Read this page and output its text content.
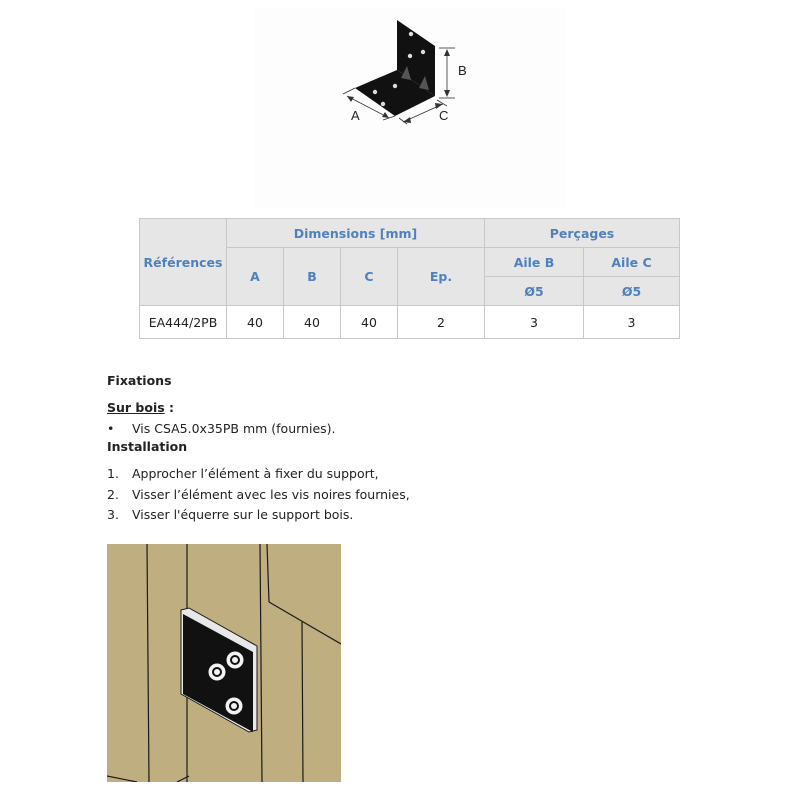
B
A	C
Références	Dimensions [mm]				Perçages	
	A	B	C	Ep.	Aile B	Aile C
					Ø5	Ø5
EA444/2PB	40	40	40	2	3	3
Fixations
Sur bois :
• Vis CSA5.0x35PB mm (fournies).
Installation
1. Approcher l’élément à fixer du support,
2. Visser l’élément avec les vis noires fournies,
3. Visser l'équerre sur le support bois.
